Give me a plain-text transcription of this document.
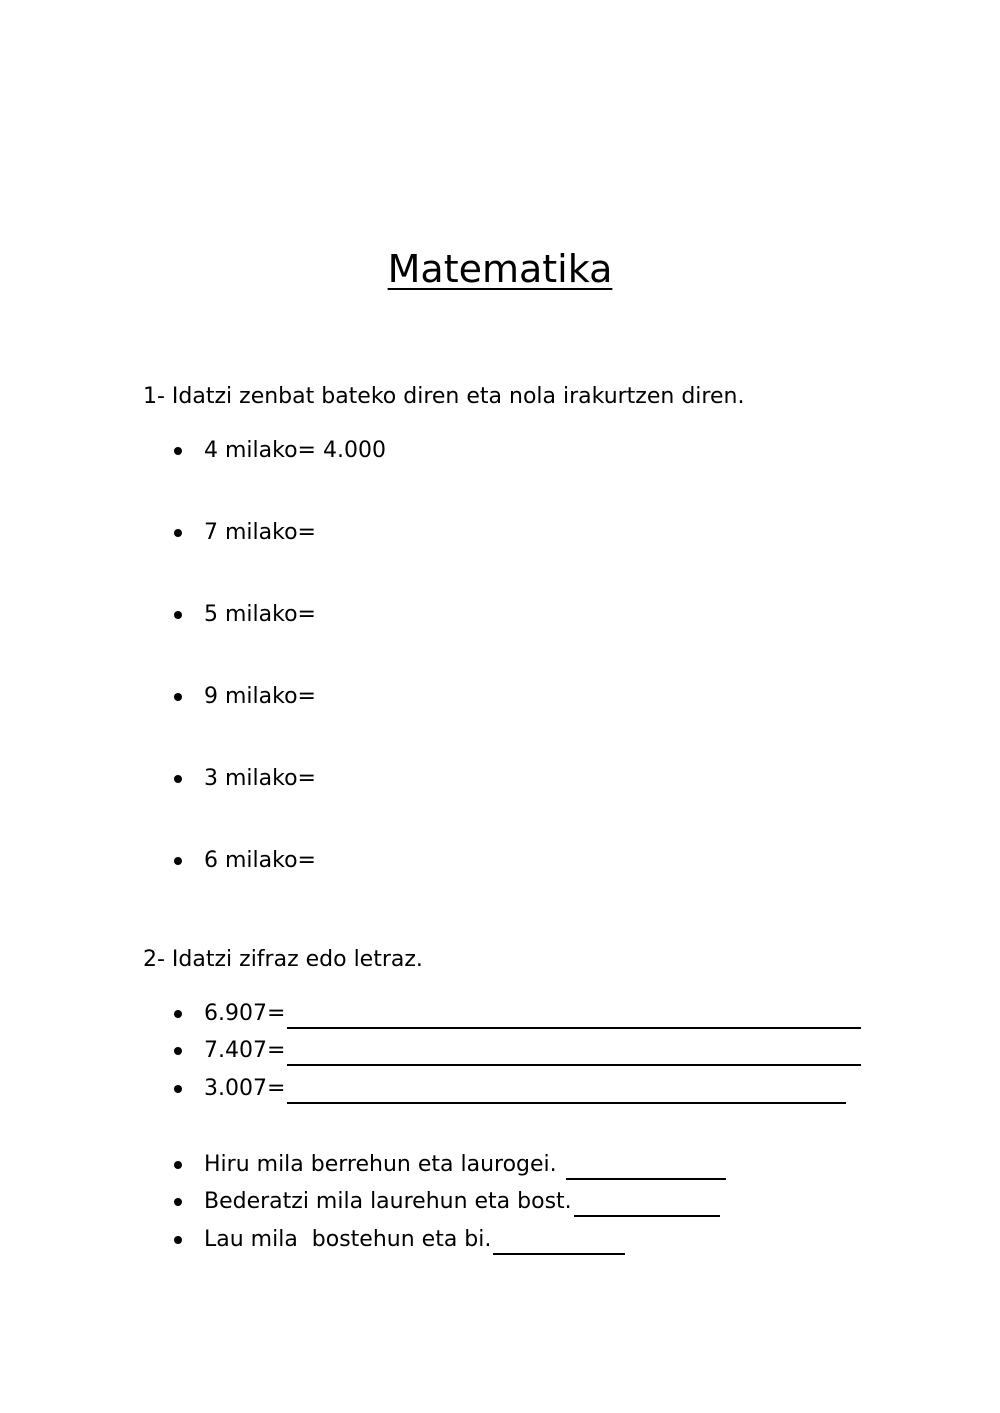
Matematika
1- Idatzi zenbat bateko diren eta nola irakurtzen diren.
4 milako= 4.000
7 milako=
5 milako=
9 milako=
3 milako=
6 milako=
2- Idatzi zifraz edo letraz.
6.907=
7.407=
3.007=
Hiru mila berrehun eta laurogei.
Bederatzi mila laurehun eta bost.
Lau mila  bostehun eta bi.
